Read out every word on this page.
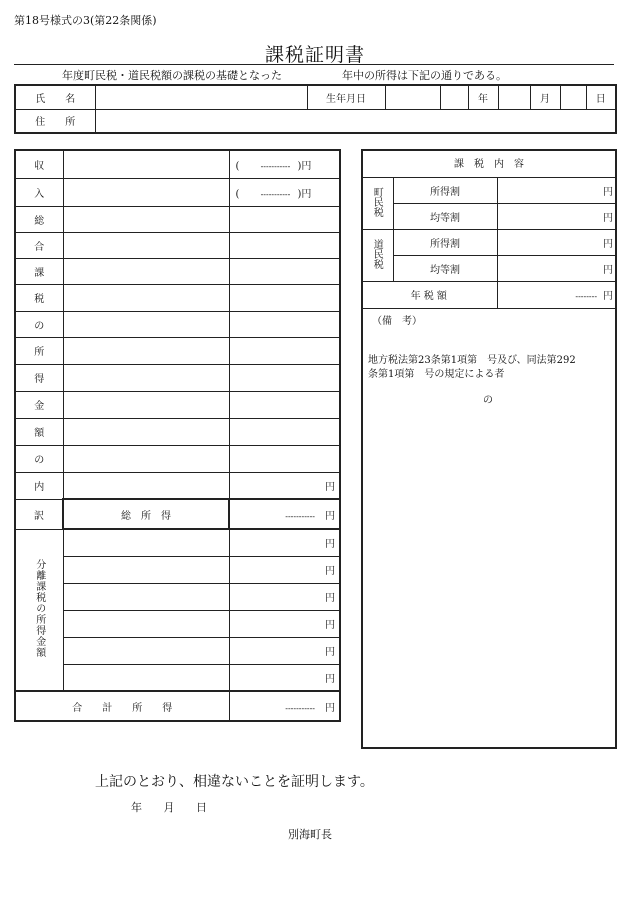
第18号様式の3(第22条関係)
課税証明書
年度町民税・道民税額の課税の基礎となった	年中の所得は下記の通りである。
氏　　名		生年月日			年		月		日
住　　所									
収		( ----------- )円
入		( ----------- )円
総		
合		
課		
税		
の		
所		
得		
金		
額		
の		
内		円
訳	総　所　得	----------- 円
分離課税の所得金額		円
		円
		円
		円
		円
		円
合　　計　　所　　得		----------- 円
課　税　内　容		
町民税	所得割	円
	均等割	円
道民税	所得割	円
	均等割	円
年 税 額		-------- 円
（備　考）
地方税法第23条第1項第　号及び、同法第292
条第1項第　号の規定による者
の
上記のとおり、相違ないことを証明します。
年 月 日
別海町長
